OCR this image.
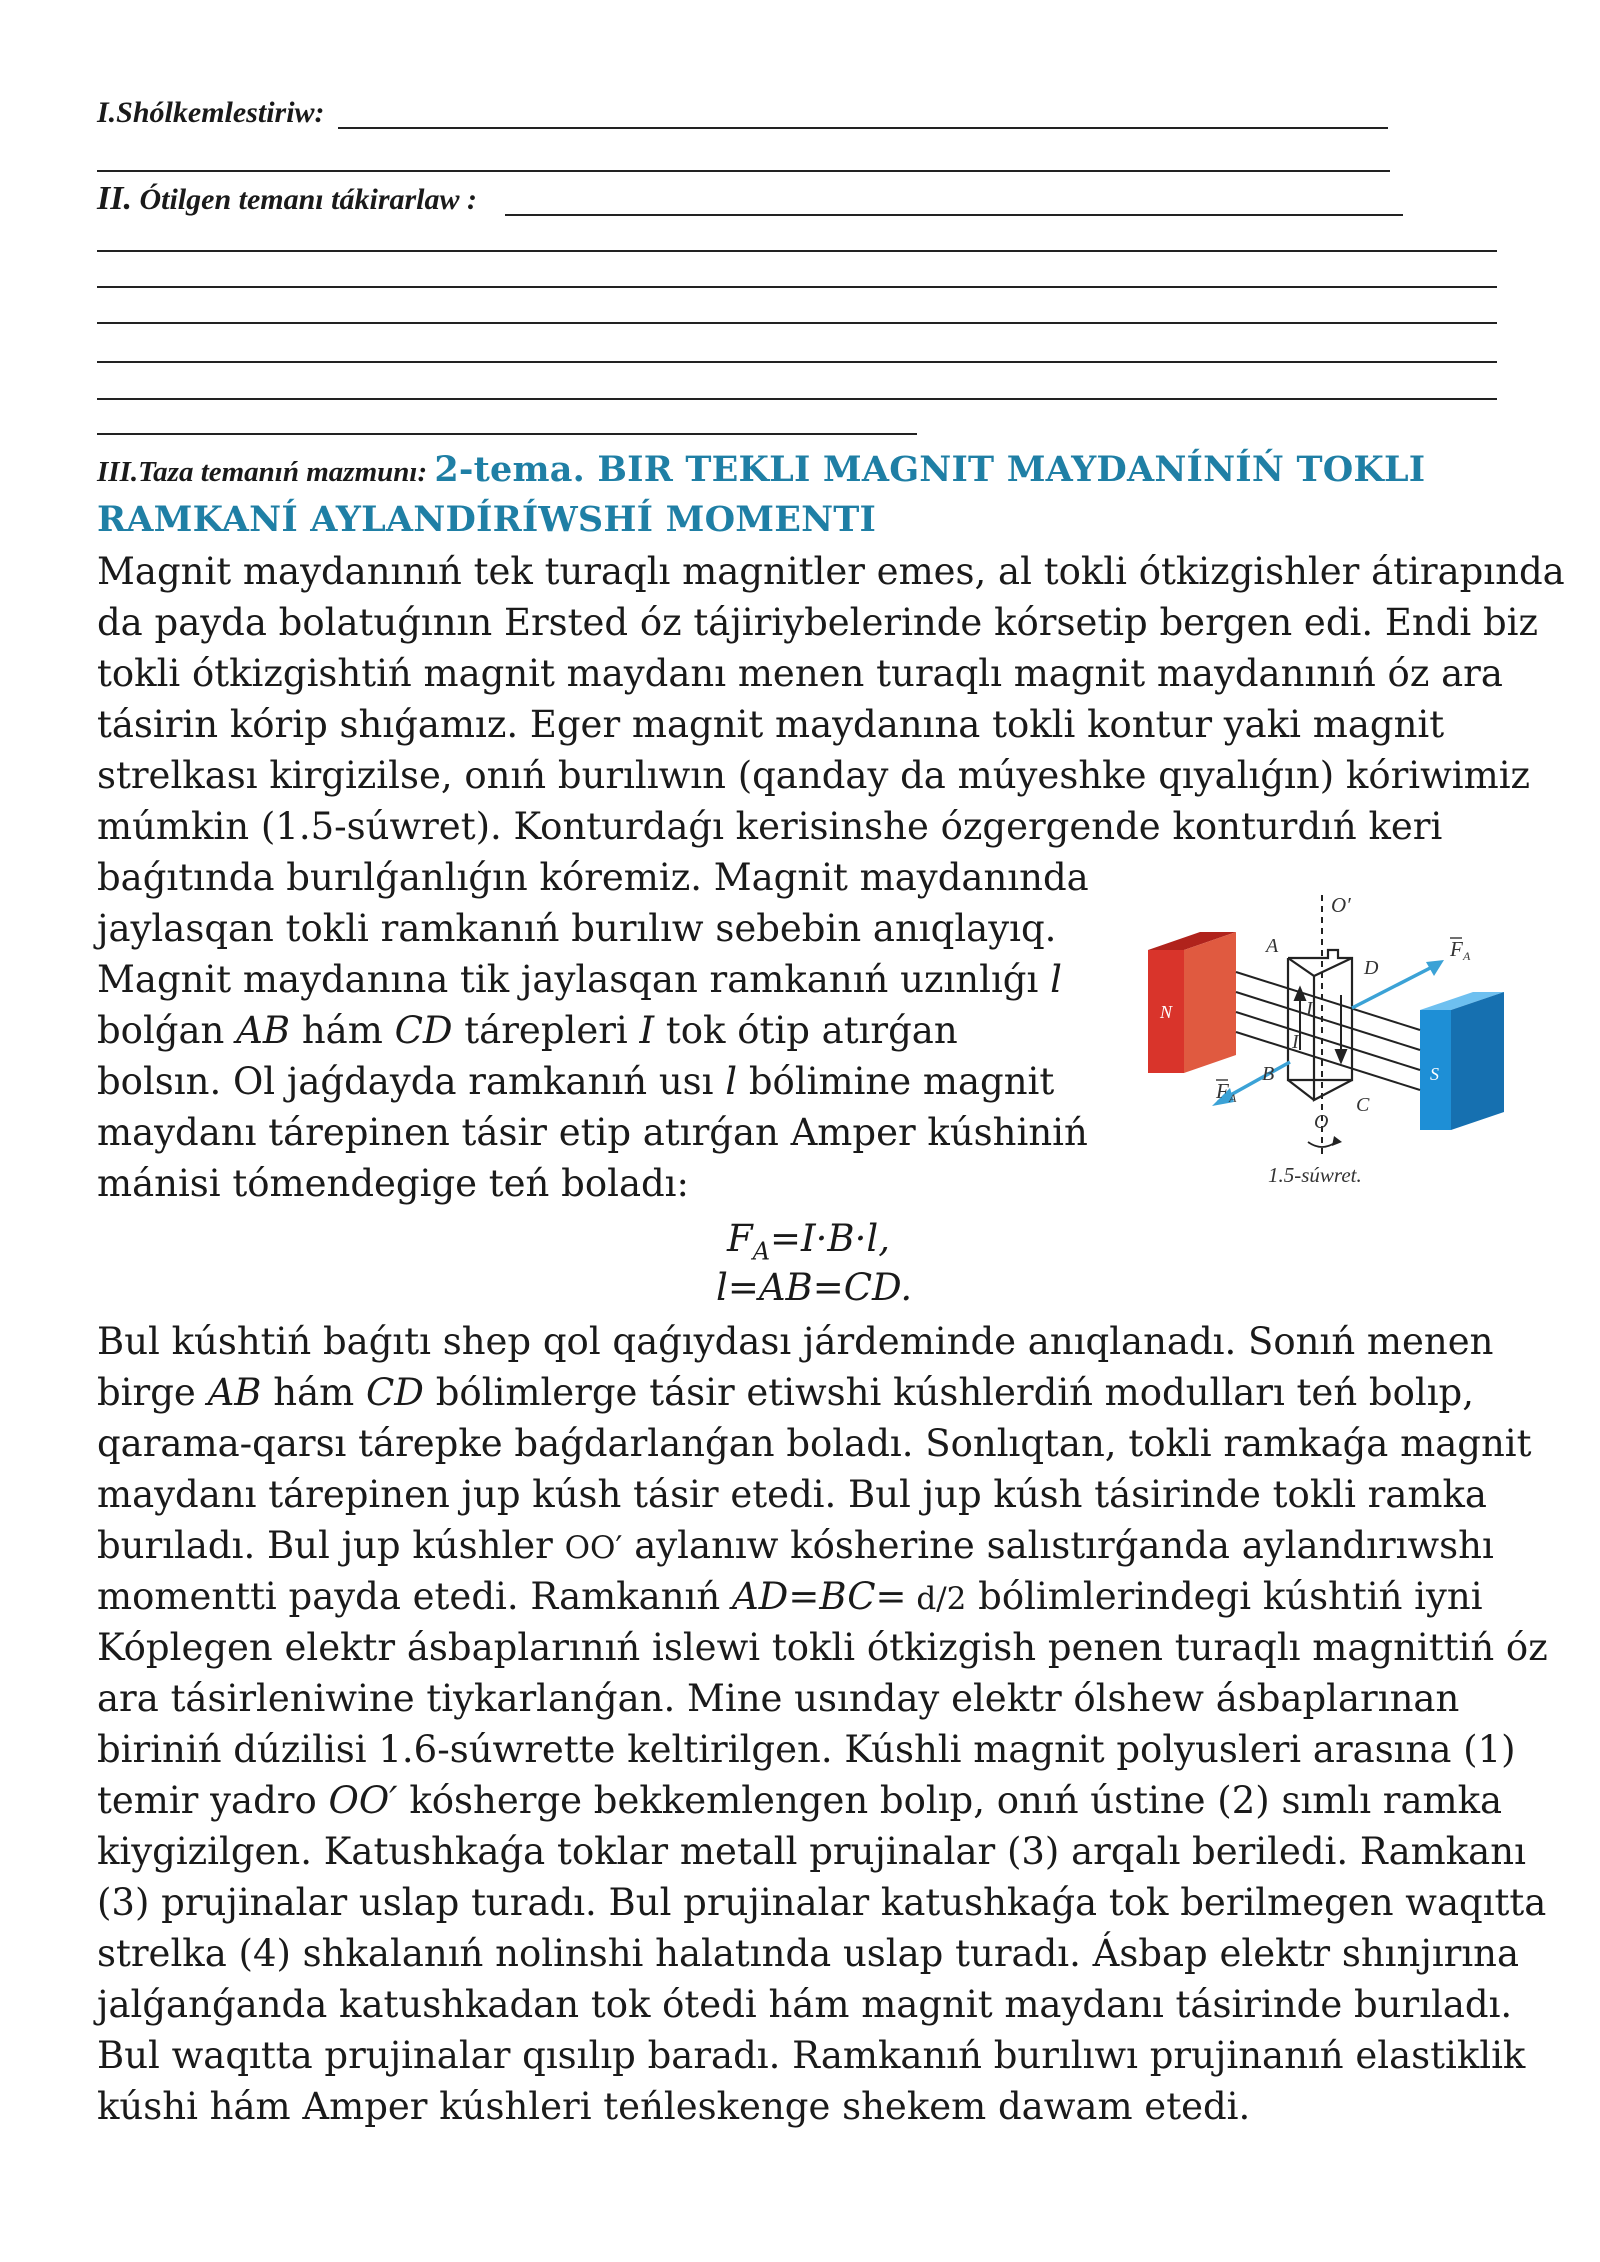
I.Shólkemlestiriw:
II. Ótilgen temanı tákirarlaw :
III.Taza temanıń mazmunı: 2-tema. BIR TEKLI MAGNIT MAYDANÍNÍŃ TOKLI
RAMKANÍ AYLANDÍRÍWSHÍ MOMENTI
Magnit maydanınıń tek turaqlı magnitler emes, al tokli ótkizgishler átirapında
da payda bolatuǵının Ersted óz tájiriybelerinde kórsetip bergen edi. Endi biz
tokli ótkizgishtiń magnit maydanı menen turaqlı magnit maydanınıń óz ara
tásirin kórip shıǵamız. Eger magnit maydanına tokli kontur yaki magnit
strelkası kirgizilse, onıń burılıwın (qanday da múyeshke qıyalıǵın) kóriwimiz
múmkin (1.5-súwret). Konturdaǵı kerisinshe ózgergende konturdıń keri
baǵıtında burılǵanlıǵın kóremiz. Magnit maydanında
jaylasqan tokli ramkanıń burılıw sebebin anıqlayıq.
Magnit maydanına tik jaylasqan ramkanıń uzınlıǵı l
bolǵan AB hám CD tárepleri I tok ótip atırǵan
bolsın. Ol jaǵdayda ramkanıń usı l bólimine magnit
maydanı tárepinen tásir etip atırǵan Amper kúshiniń
mánisi tómendegige teń boladı:
N
S
O′
A
D
I
I
B
C
O
F A
F A
1.5-súwret.
$F_A=I\cdot B\cdot l$,
l=AB=CD.
Bul kúshtiń baǵıtı shep qol qaǵıydası járdeminde anıqlanadı. Sonıń menen
birge AB hám CD bólimlerge tásir etiwshi kúshlerdiń modulları teń bolıp,
qarama-qarsı tárepke baǵdarlanǵan boladı. Sonlıqtan, tokli ramkaǵa magnit
maydanı tárepinen jup kúsh tásir etedi. Bul jup kúsh tásirinde tokli ramka
burıladı. Bul jup kúshler OO′ aylanıw kósherine salıstırǵanda aylandırıwshı
momentti payda etedi. Ramkanıń AD=BC= d/2 bólimlerindegi kúshtiń iyni
Kóplegen elektr ásbaplarınıń islewi tokli ótkizgish penen turaqlı magnittiń óz
ara tásirleniwine tiykarlanǵan. Mine usınday elektr ólshew ásbaplarınan
biriniń dúzilisi 1.6-súwrette keltirilgen. Kúshli magnit polyusleri arasına (1)
temir yadro OO′ kósherge bekkemlengen bolıp, onıń ústine (2) sımlı ramka
kiygizilgen. Katushkaǵa toklar metall prujinalar (3) arqalı beriledi. Ramkanı
(3) prujinalar uslap turadı. Bul prujinalar katushkaǵa tok berilmegen waqıtta
strelka (4) shkalanıń nolinshi halatında uslap turadı. Ásbap elektr shınjırına
jalǵanǵanda katushkadan tok ótedi hám magnit maydanı tásirinde burıladı.
Bul waqıtta prujinalar qısılıp baradı. Ramkanıń burılıwı prujinanıń elastiklik
kúshi hám Amper kúshleri teńleskenge shekem dawam etedi.
